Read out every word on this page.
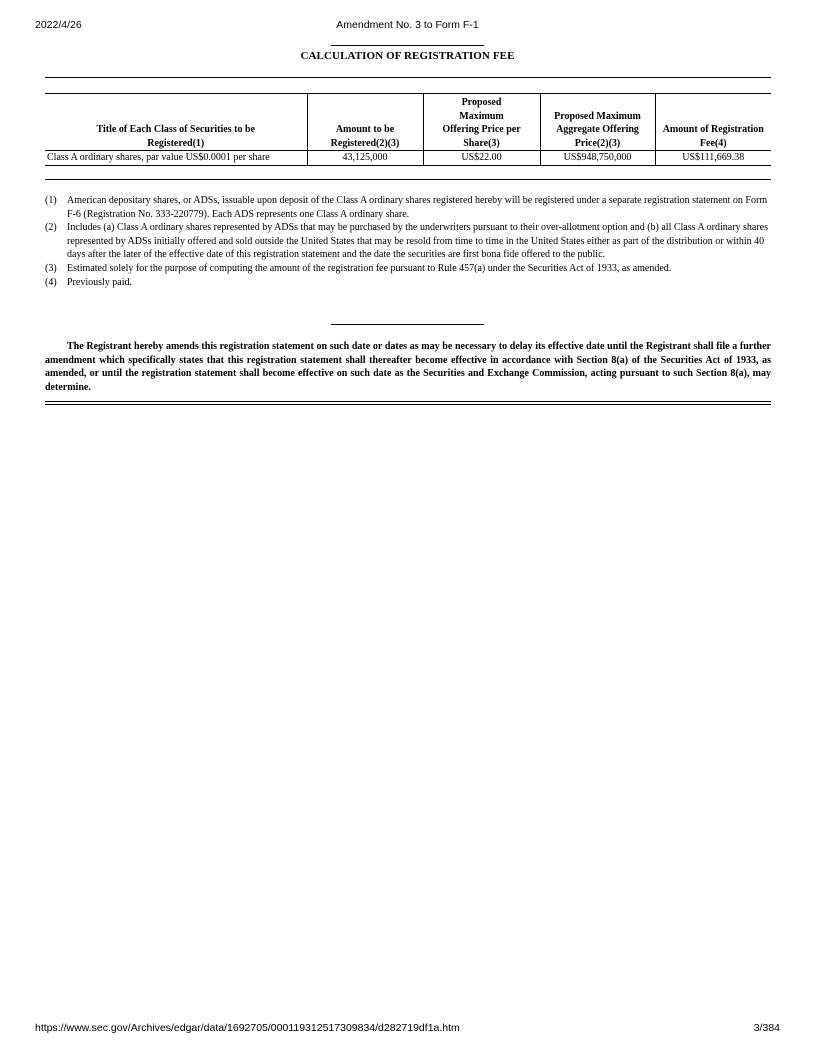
2022/4/26	Amendment No. 3 to Form F-1
CALCULATION OF REGISTRATION FEE
Title of Each Class of Securities to be Registered(1)	Amount to be Registered(2)(3)	Proposed Maximum Offering Price per Share(3)	Proposed Maximum Aggregate Offering Price(2)(3)	Amount of Registration Fee(4)
Class A ordinary shares, par value US$0.0001 per share	43,125,000	US$22.00	US$948,750,000	US$111,669.38
(1) American depositary shares, or ADSs, issuable upon deposit of the Class A ordinary shares registered hereby will be registered under a separate registration statement on Form F-6 (Registration No. 333-220779). Each ADS represents one Class A ordinary share.
(2) Includes (a) Class A ordinary shares represented by ADSs that may be purchased by the underwriters pursuant to their over-allotment option and (b) all Class A ordinary shares represented by ADSs initially offered and sold outside the United States that may be resold from time to time in the United States either as part of the distribution or within 40 days after the later of the effective date of this registration statement and the date the securities are first bona fide offered to the public.
(3) Estimated solely for the purpose of computing the amount of the registration fee pursuant to Rule 457(a) under the Securities Act of 1933, as amended.
(4) Previously paid.

The Registrant hereby amends this registration statement on such date or dates as may be necessary to delay its effective date until the Registrant shall file a further amendment which specifically states that this registration statement shall thereafter become effective in accordance with Section 8(a) of the Securities Act of 1933, as amended, or until the registration statement shall become effective on such date as the Securities and Exchange Commission, acting pursuant to such Section 8(a), may determine.

https://www.sec.gov/Archives/edgar/data/1692705/000119312517309834/d282719df1a.htm	3/384
